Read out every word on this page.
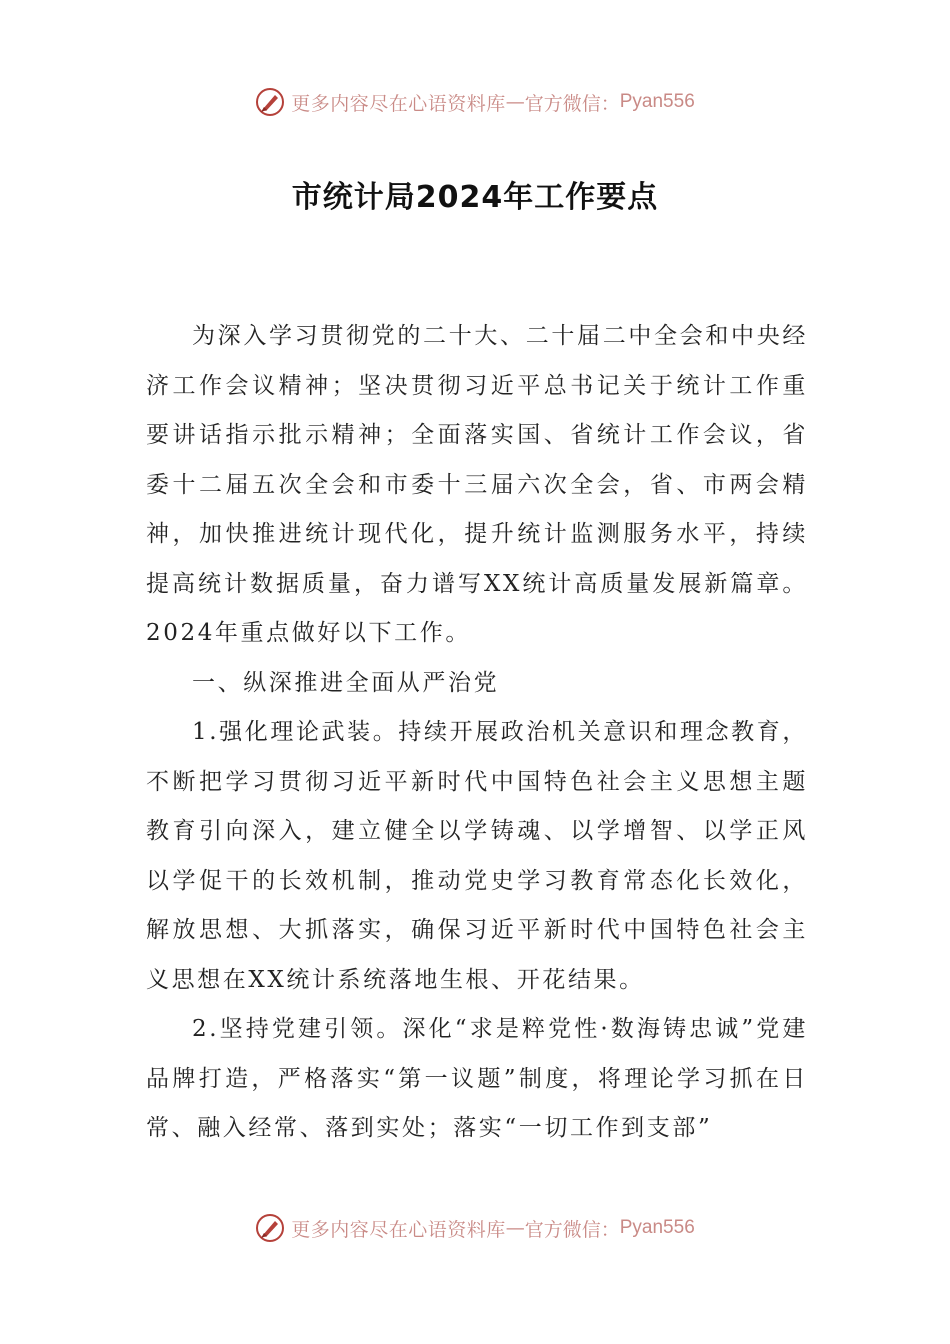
更多内容尽在心语资料库 — 官方微信： Pyan556
市统计局2024年工作要点

为深入学习贯彻党的二十大、二十届二中全会和中央经济工作会议精神；坚决贯彻习近平总书记关于统计工作重要讲话指示批示精神；全面落实国、省统计工作会议，省委十二届五次全会和市委十三届六次全会，省、市两会精神，加快推进统计现代化，提升统计监测服务水平，持续提高统计数据质量，奋力谱写XX统计高质量发展新篇章。2024年重点做好以下工作。

一、纵深推进全面从严治党

1.强化理论武装。持续开展政治机关意识和理念教育，不断把学习贯彻习近平新时代中国特色社会主义思想主题教育引向深入，建立健全以学铸魂、以学增智、以学正风以学促干的长效机制，推动党史学习教育常态化长效化，解放思想、大抓落实，确保习近平新时代中国特色社会主义思想在XX统计系统落地生根、开花结果。

2.坚持党建引领。深化“求是粹党性·数海铸忠诚”党建品牌打造，严格落实“第一议题”制度，将理论学习抓在日常、融入经常、落到实处；落实“一切工作到支部”

更多内容尽在心语资料库 — 官方微信： Pyan556
